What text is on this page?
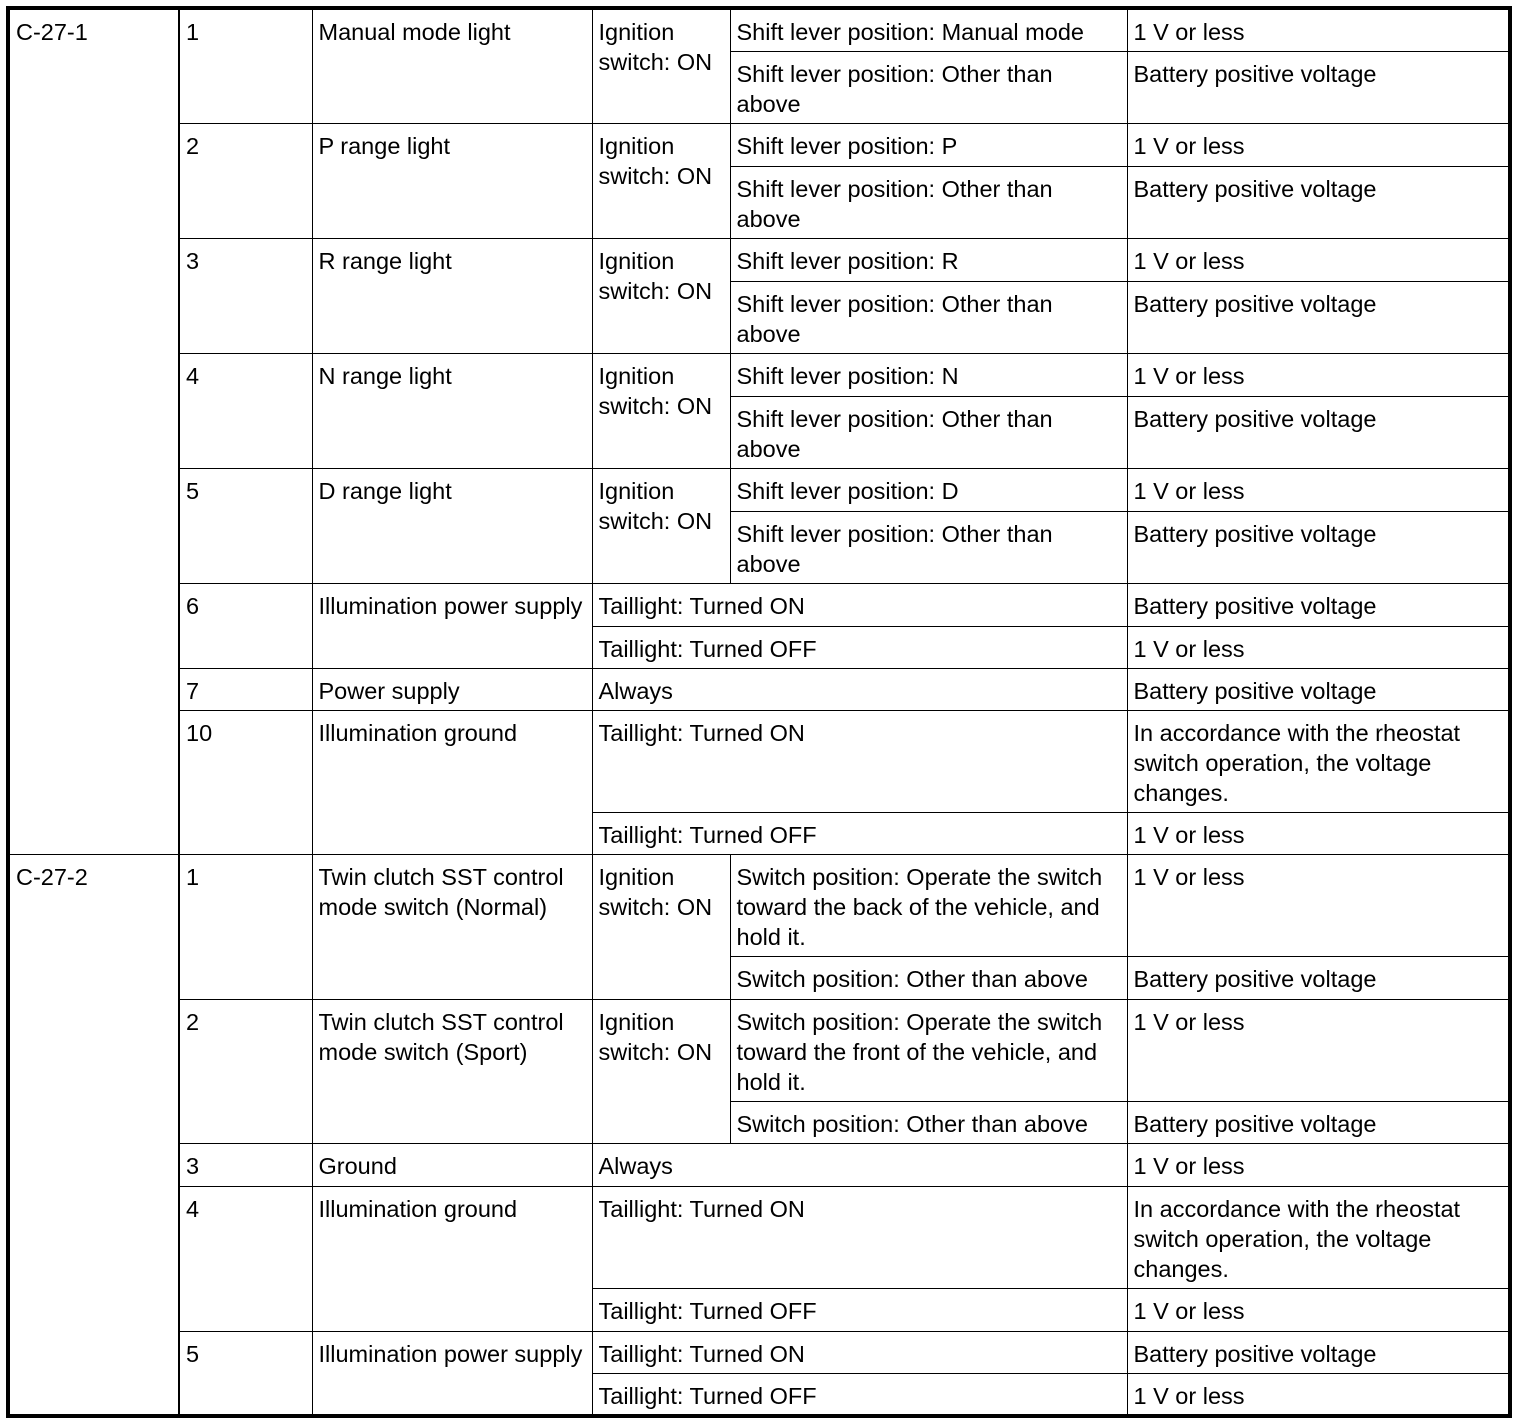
C-27-1	1	Manual mode light	Ignition switch: ON	Shift lever position: Manual mode	1 V or less
				Shift lever position: Other than above	Battery positive voltage
	2	P range light	Ignition switch: ON	Shift lever position: P	1 V or less
				Shift lever position: Other than above	Battery positive voltage
	3	R range light	Ignition switch: ON	Shift lever position: R	1 V or less
				Shift lever position: Other than above	Battery positive voltage
	4	N range light	Ignition switch: ON	Shift lever position: N	1 V or less
				Shift lever position: Other than above	Battery positive voltage
	5	D range light	Ignition switch: ON	Shift lever position: D	1 V or less
				Shift lever position: Other than above	Battery positive voltage
	6	Illumination power supply	Taillight: Turned ON		Battery positive voltage
			Taillight: Turned OFF		1 V or less
	7	Power supply	Always		Battery positive voltage
	10	Illumination ground	Taillight: Turned ON		In accordance with the rheostat switch operation, the voltage changes.
			Taillight: Turned OFF		1 V or less
C-27-2	1	Twin clutch SST control mode switch (Normal)	Ignition switch: ON	Switch position: Operate the switch toward the back of the vehicle, and hold it.	1 V or less
				Switch position: Other than above	Battery positive voltage
	2	Twin clutch SST control mode switch (Sport)	Ignition switch: ON	Switch position: Operate the switch toward the front of the vehicle, and hold it.	1 V or less
				Switch position: Other than above	Battery positive voltage
	3	Ground	Always		1 V or less
	4	Illumination ground	Taillight: Turned ON		In accordance with the rheostat switch operation, the voltage changes.
			Taillight: Turned OFF		1 V or less
	5	Illumination power supply	Taillight: Turned ON		Battery positive voltage
			Taillight: Turned OFF		1 V or less
